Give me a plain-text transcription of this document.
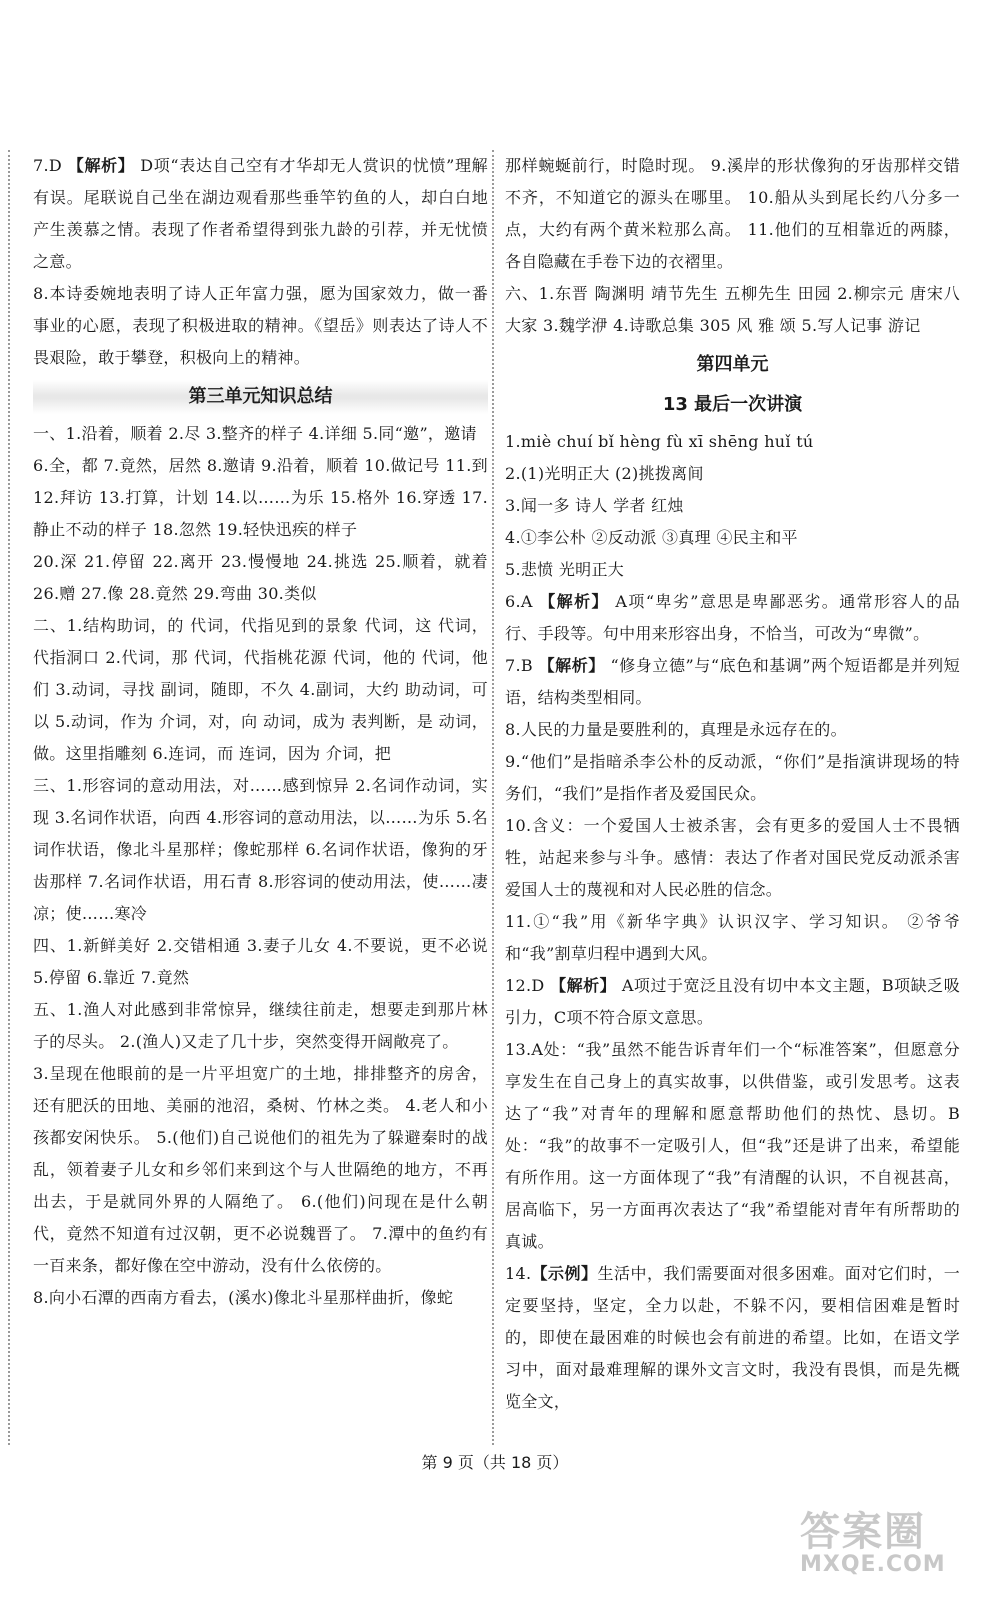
7.D 【解析】 D项“表达自己空有才华却无人赏识的忧愤”理解有误。尾联说自己坐在湖边观看那些垂竿钓鱼的人，却白白地产生羡慕之情。表现了作者希望得到张九龄的引荐，并无忧愤之意。

8.本诗委婉地表明了诗人正年富力强，愿为国家效力，做一番事业的心愿，表现了积极进取的精神。《望岳》则表达了诗人不畏艰险，敢于攀登，积极向上的精神。

第三单元知识总结

一、1.沿着，顺着 2.尽 3.整齐的样子 4.详细 5.同“邀”，邀请

6.全，都 7.竟然，居然 8.邀请 9.沿着，顺着 10.做记号 11.到 12.拜访 13.打算，计划 14.以……为乐 15.格外 16.穿透 17.静止不动的样子 18.忽然 19.轻快迅疾的样子

20.深 21.停留 22.离开 23.慢慢地 24.挑选 25.顺着，就着 26.赠 27.像 28.竟然 29.弯曲 30.类似

二、1.结构助词，的 代词，代指见到的景象 代词，这 代词，代指洞口 2.代词，那 代词，代指桃花源 代词，他的 代词，他们 3.动词，寻找 副词，随即，不久 4.副词，大约 助动词，可以 5.动词，作为 介词，对，向 动词，成为 表判断，是 动词，做。这里指雕刻 6.连词，而 连词，因为 介词，把

三、1.形容词的意动用法，对……感到惊异 2.名词作动词，实现 3.名词作状语，向西 4.形容词的意动用法，以……为乐 5.名词作状语，像北斗星那样；像蛇那样 6.名词作状语，像狗的牙齿那样 7.名词作状语，用石青 8.形容词的使动用法，使……凄凉；使……寒冷

四、1.新鲜美好 2.交错相通 3.妻子儿女 4.不要说，更不必说 5.停留 6.靠近 7.竟然

五、1.渔人对此感到非常惊异，继续往前走，想要走到那片林子的尽头。 2.(渔人)又走了几十步，突然变得开阔敞亮了。

3.呈现在他眼前的是一片平坦宽广的土地，排排整齐的房舍，还有肥沃的田地、美丽的池沼，桑树、竹林之类。 4.老人和小孩都安闲快乐。 5.(他们)自己说他们的祖先为了躲避秦时的战乱，领着妻子儿女和乡邻们来到这个与人世隔绝的地方，不再出去，于是就同外界的人隔绝了。 6.(他们)问现在是什么朝代，竟然不知道有过汉朝，更不必说魏晋了。 7.潭中的鱼约有一百来条，都好像在空中游动，没有什么依傍的。

8.向小石潭的西南方看去，(溪水)像北斗星那样曲折，像蛇

那样蜿蜒前行，时隐时现。 9.溪岸的形状像狗的牙齿那样交错不齐，不知道它的源头在哪里。 10.船从头到尾长约八分多一点，大约有两个黄米粒那么高。 11.他们的互相靠近的两膝，各自隐藏在手卷下边的衣褶里。

六、1.东晋 陶渊明 靖节先生 五柳先生 田园 2.柳宗元 唐宋八大家 3.魏学洢 4.诗歌总集 305 风 雅 颂 5.写人记事 游记

第四单元
13 最后一次讲演

1.miè chuí bǐ hèng fù xī shēng huǐ tú

2.(1)光明正大 (2)挑拨离间

3.闻一多 诗人 学者 红烛

4.①李公朴 ②反动派 ③真理 ④民主和平

5.悲愤 光明正大

6.A 【解析】 A项“卑劣”意思是卑鄙恶劣。通常形容人的品行、手段等。句中用来形容出身，不恰当，可改为“卑微”。

7.B 【解析】 “修身立德”与“底色和基调”两个短语都是并列短语，结构类型相同。

8.人民的力量是要胜利的，真理是永远存在的。

9.“他们”是指暗杀李公朴的反动派，“你们”是指演讲现场的特务们，“我们”是指作者及爱国民众。

10.含义：一个爱国人士被杀害，会有更多的爱国人士不畏牺牲，站起来参与斗争。感情：表达了作者对国民党反动派杀害爱国人士的蔑视和对人民必胜的信念。

11.①“我”用《新华字典》认识汉字、学习知识。 ②爷爷和“我”割草归程中遇到大风。

12.D 【解析】 A项过于宽泛且没有切中本文主题，B项缺乏吸引力，C项不符合原文意思。

13.A处：“我”虽然不能告诉青年们一个“标准答案”，但愿意分享发生在自己身上的真实故事，以供借鉴，或引发思考。这表达了“我”对青年的理解和愿意帮助他们的热忱、恳切。B处：“我”的故事不一定吸引人，但“我”还是讲了出来，希望能有所作用。这一方面体现了“我”有清醒的认识，不自视甚高，居高临下，另一方面再次表达了“我”希望能对青年有所帮助的真诚。

14.【示例】生活中，我们需要面对很多困难。面对它们时，一定要坚持，坚定，全力以赴，不躲不闪，要相信困难是暂时的，即使在最困难的时候也会有前进的希望。比如，在语文学习中，面对最难理解的课外文言文时，我没有畏惧，而是先概览全文，

第 9 页（共 18 页）
答案圈
MXQE.COM
